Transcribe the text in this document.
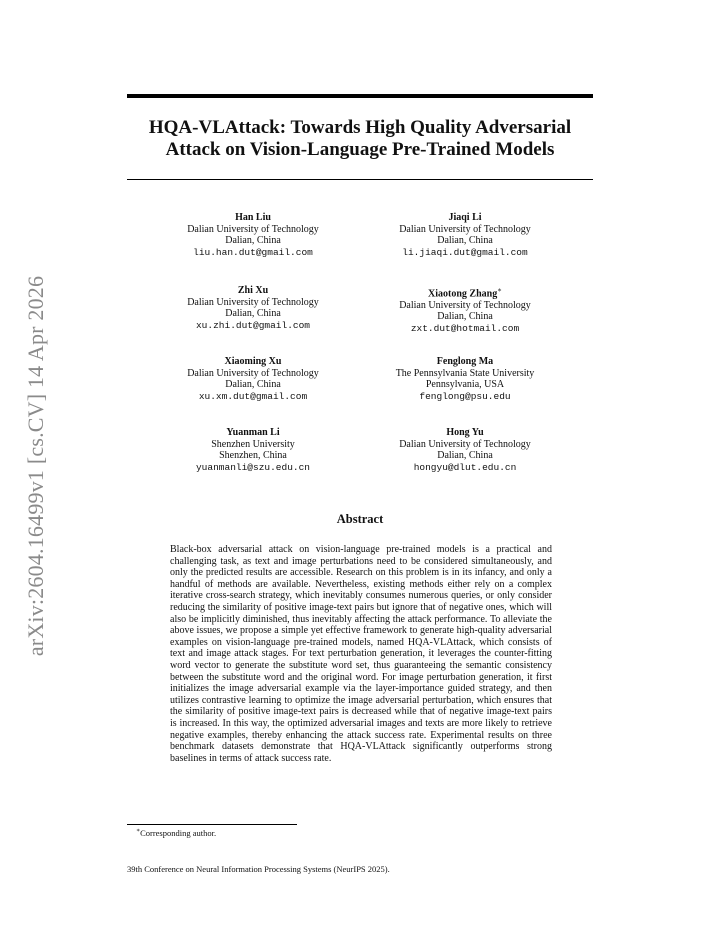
arXiv:2604.16499v1 [cs.CV] 14 Apr 2026
HQA-VLAttack: Towards High Quality Adversarial
Attack on Vision-Language Pre-Trained Models
Han Liu
Dalian University of Technology
Dalian, China
liu.han.dut@gmail.com
Jiaqi Li
Dalian University of Technology
Dalian, China
li.jiaqi.dut@gmail.com
Zhi Xu
Dalian University of Technology
Dalian, China
xu.zhi.dut@gmail.com
Xiaotong Zhang∗
Dalian University of Technology
Dalian, China
zxt.dut@hotmail.com
Xiaoming Xu
Dalian University of Technology
Dalian, China
xu.xm.dut@gmail.com
Fenglong Ma
The Pennsylvania State University
Pennsylvania, USA
fenglong@psu.edu
Yuanman Li
Shenzhen University
Shenzhen, China
yuanmanli@szu.edu.cn
Hong Yu
Dalian University of Technology
Dalian, China
hongyu@dlut.edu.cn
Abstract

Black-box adversarial attack on vision-language pre-trained models is a practical and challenging task, as text and image perturbations need to be considered simultaneously, and only the predicted results are accessible. Research on this problem is in its infancy, and only a handful of methods are available. Nevertheless, existing methods either rely on a complex iterative cross-search strategy, which inevitably consumes numerous queries, or only consider reducing the similarity of positive image-text pairs but ignore that of negative ones, which will also be implicitly diminished, thus inevitably affecting the attack performance. To alleviate the above issues, we propose a simple yet effective framework to generate high-quality adversarial examples on vision-language pre-trained models, named HQA-VLAttack, which consists of text and image attack stages. For text perturbation generation, it leverages the counter-fitting word vector to generate the substitute word set, thus guaranteeing the semantic consistency between the substitute word and the original word. For image perturbation generation, it first initializes the image adversarial example via the layer-importance guided strategy, and then utilizes contrastive learning to optimize the image adversarial perturbation, which ensures that the similarity of positive image-text pairs is decreased while that of negative image-text pairs is increased. In this way, the optimized adversarial images and texts are more likely to retrieve negative examples, thereby enhancing the attack success rate. Experimental results on three benchmark datasets demonstrate that HQA-VLAttack significantly outperforms strong baselines in terms of attack success rate.

∗Corresponding author.
39th Conference on Neural Information Processing Systems (NeurIPS 2025).
